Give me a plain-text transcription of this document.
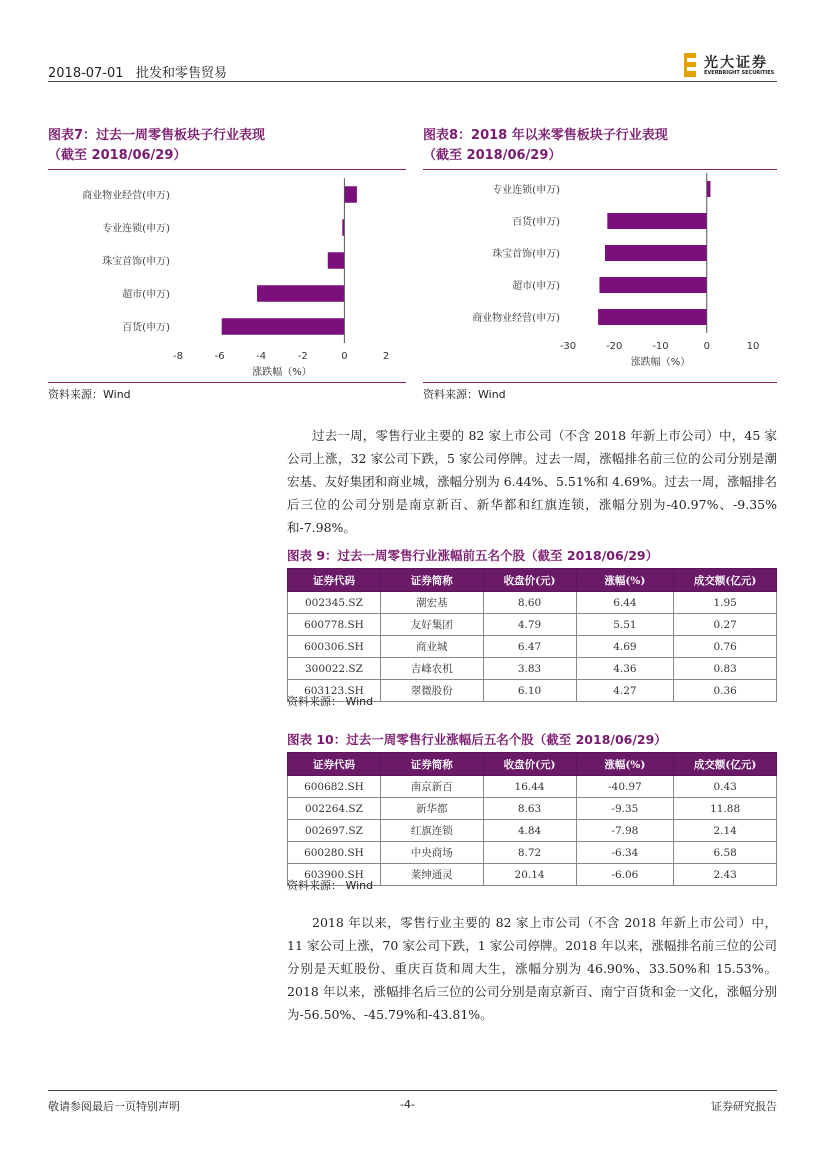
2018-07-01 批发和零售贸易
光大证券
EVERBRIGHT SECURITIES
图表7：过去一周零售板块子行业表现
（截至 2018/06/29）
商业物业经营(申万)
专业连锁(申万)
珠宝首饰(申万)
超市(申万)
百货(申万)
-8	-6	-4	-2	0	2
涨跌幅（%）
资料来源：Wind
图表8：2018 年以来零售板块子行业表现
（截至 2018/06/29）
专业连锁(申万)
百货(申万)
珠宝首饰(申万)
超市(申万)
商业物业经营(申万)
-30	-20	-10	0	10
涨跌幅（%）
资料来源：Wind
过去一周，零售行业主要的 82 家上市公司（不含 2018 年新上市公司）中，45 家公司上涨，32 家公司下跌，5 家公司停牌。过去一周，涨幅排名前三位的公司分别是潮宏基、友好集团和商业城，涨幅分别为 6.44%、5.51%和 4.69%。过去一周，涨幅排名后三位的公司分别是南京新百、新华都和红旗连锁，涨幅分别为-40.97%、-9.35%和-7.98%。
图表 9：过去一周零售行业涨幅前五名个股（截至 2018/06/29）
证券代码	证券简称	收盘价(元)	涨幅(%)	成交额(亿元)
002345.SZ	潮宏基	8.60	6.44	1.95
600778.SH	友好集团	4.79	5.51	0.27
600306.SH	商业城	6.47	4.69	0.76
300022.SZ	吉峰农机	3.83	4.36	0.83
603123.SH	翠微股份	6.10	4.27	0.36
资料来源： Wind
图表 10：过去一周零售行业涨幅后五名个股（截至 2018/06/29）
证券代码	证券简称	收盘价(元)	涨幅(%)	成交额(亿元)
600682.SH	南京新百	16.44	-40.97	0.43
002264.SZ	新华都	8.63	-9.35	11.88
002697.SZ	红旗连锁	4.84	-7.98	2.14
600280.SH	中央商场	8.72	-6.34	6.58
603900.SH	莱绅通灵	20.14	-6.06	2.43
资料来源： Wind
2018 年以来，零售行业主要的 82 家上市公司（不含 2018 年新上市公司）中，11 家公司上涨，70 家公司下跌，1 家公司停牌。2018 年以来，涨幅排名前三位的公司分别是天虹股份、重庆百货和周大生，涨幅分别为 46.90%、33.50%和 15.53%。2018 年以来，涨幅排名后三位的公司分别是南京新百、南宁百货和金一文化，涨幅分别为-56.50%、-45.79%和-43.81%。
敬请参阅最后一页特别声明	-4-	证券研究报告
